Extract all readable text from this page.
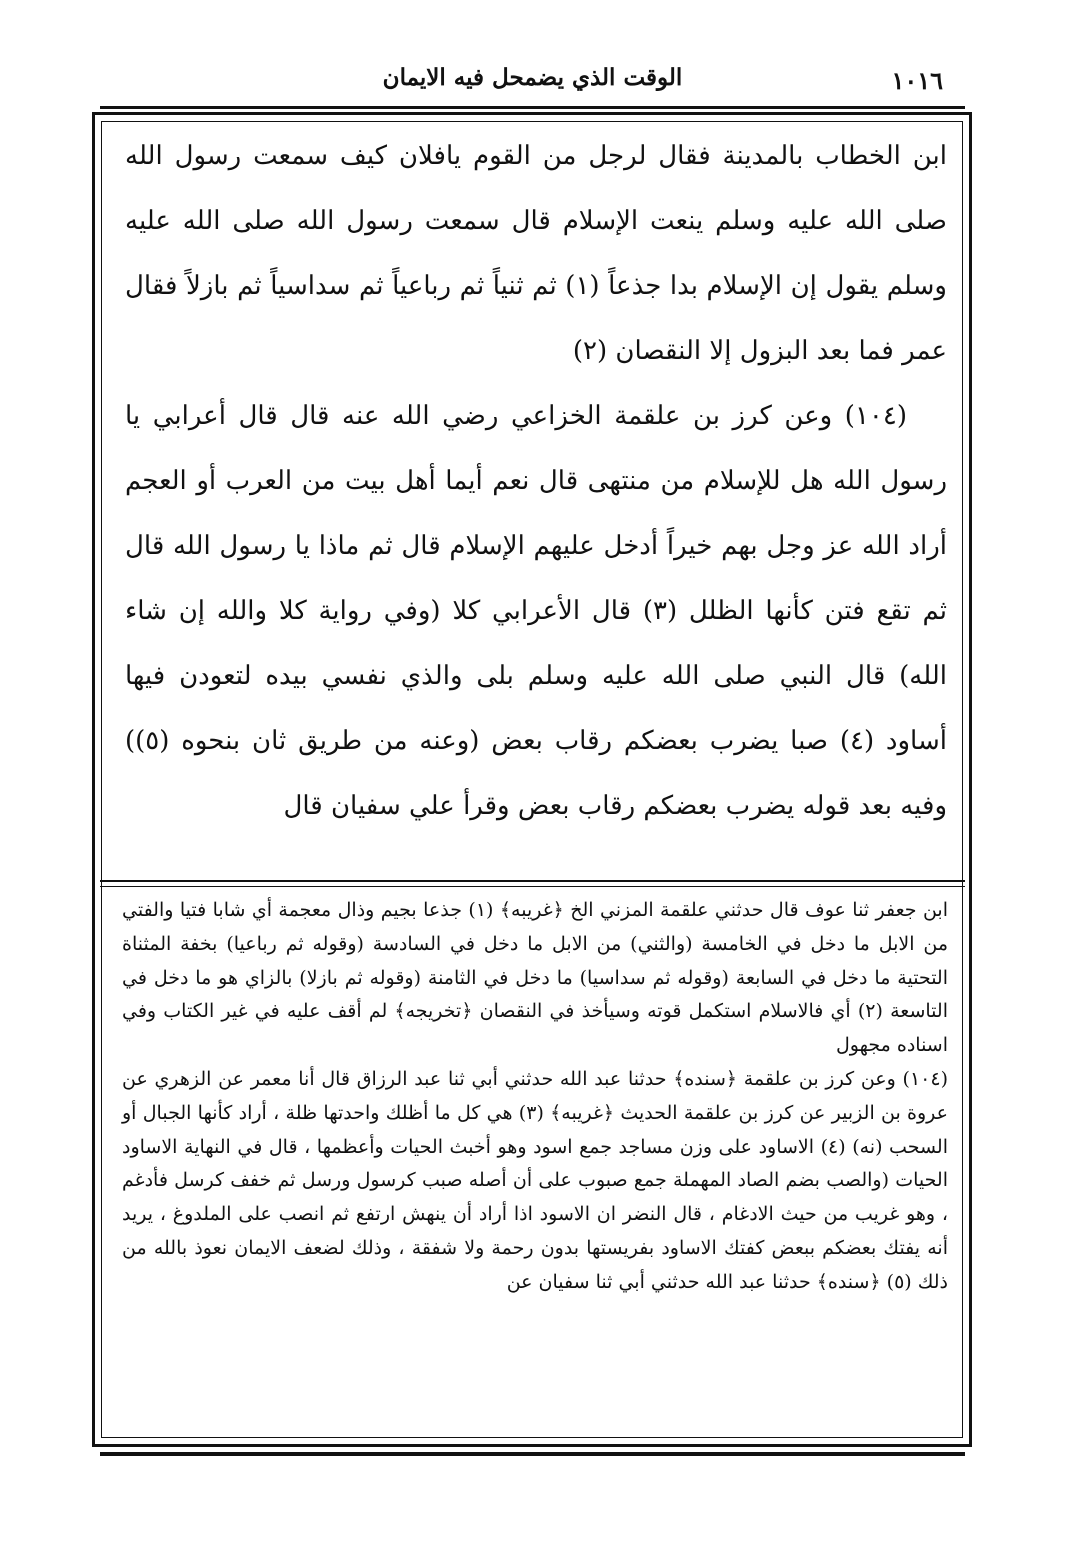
١٠١٦
الوقت الذي يضمحل فيه الايمان

ابن الخطاب بالمدينة فقال لرجل من القوم يافلان كيف سمعت رسول الله صلى الله عليه وسلم ينعت الإسلام قال سمعت رسول الله صلى الله عليه وسلم يقول إن الإسلام بدا جذعاً (١) ثم ثنياً ثم رباعياً ثم سداسياً ثم بازلاً فقال عمر فما بعد البزول إلا النقصان (٢)

(١٠٤) وعن كرز بن علقمة الخزاعي رضي الله عنه قال قال أعرابي يا رسول الله هل للإسلام من منتهى قال نعم أيما أهل بيت من العرب أو العجم أراد الله عز وجل بهم خيراً أدخل عليهم الإسلام قال ثم ماذا يا رسول الله قال ثم تقع فتن كأنها الظلل (٣) قال الأعرابي كلا (وفي رواية كلا والله إن شاء الله) قال النبي صلى الله عليه وسلم بلى والذي نفسي بيده لتعودن فيها أساود (٤) صبا يضرب بعضكم رقاب بعض (وعنه من طريق ثان بنحوه (٥)) وفيه بعد قوله يضرب بعضكم رقاب بعض وقرأ علي سفيان قال

ابن جعفر ثنا عوف قال حدثني علقمة المزني الخ ﴿غريبه﴾ (١) جذعا بجيم وذال معجمة أي شابا فتيا والفتي من الابل ما دخل في الخامسة (والثني) من الابل ما دخل في السادسة (وقوله ثم رباعيا) بخفة المثناة التحتية ما دخل في السابعة (وقوله ثم سداسيا) ما دخل في الثامنة (وقوله ثم بازلا) بالزاي هو ما دخل في التاسعة (٢) أي فالاسلام استكمل قوته وسيأخذ في النقصان ﴿تخريجه﴾ لم أقف عليه في غير الكتاب وفي اسناده مجهول

(١٠٤) وعن كرز بن علقمة ﴿سنده﴾ حدثنا عبد الله حدثني أبي ثنا عبد الرزاق قال أنا معمر عن الزهري عن عروة بن الزبير عن كرز بن علقمة الحديث ﴿غريبه﴾ (٣) هي كل ما أظلك واحدتها ظلة ، أراد كأنها الجبال أو السحب (نه) (٤) الاساود على وزن مساجد جمع اسود وهو أخبث الحيات وأعظمها ، قال في النهاية الاساود الحيات (والصب بضم الصاد المهملة جمع صبوب على أن أصله صبب كرسول ورسل ثم خفف كرسل فأدغم ، وهو غريب من حيث الادغام ، قال النضر ان الاسود اذا أراد أن ينهش ارتفع ثم انصب على الملدوغ ، يريد أنه يفتك بعضكم ببعض كفتك الاساود بفريستها بدون رحمة ولا شفقة ، وذلك لضعف الايمان نعوذ بالله من ذلك (٥) ﴿سنده﴾ حدثنا عبد الله حدثني أبي ثنا سفيان عن
